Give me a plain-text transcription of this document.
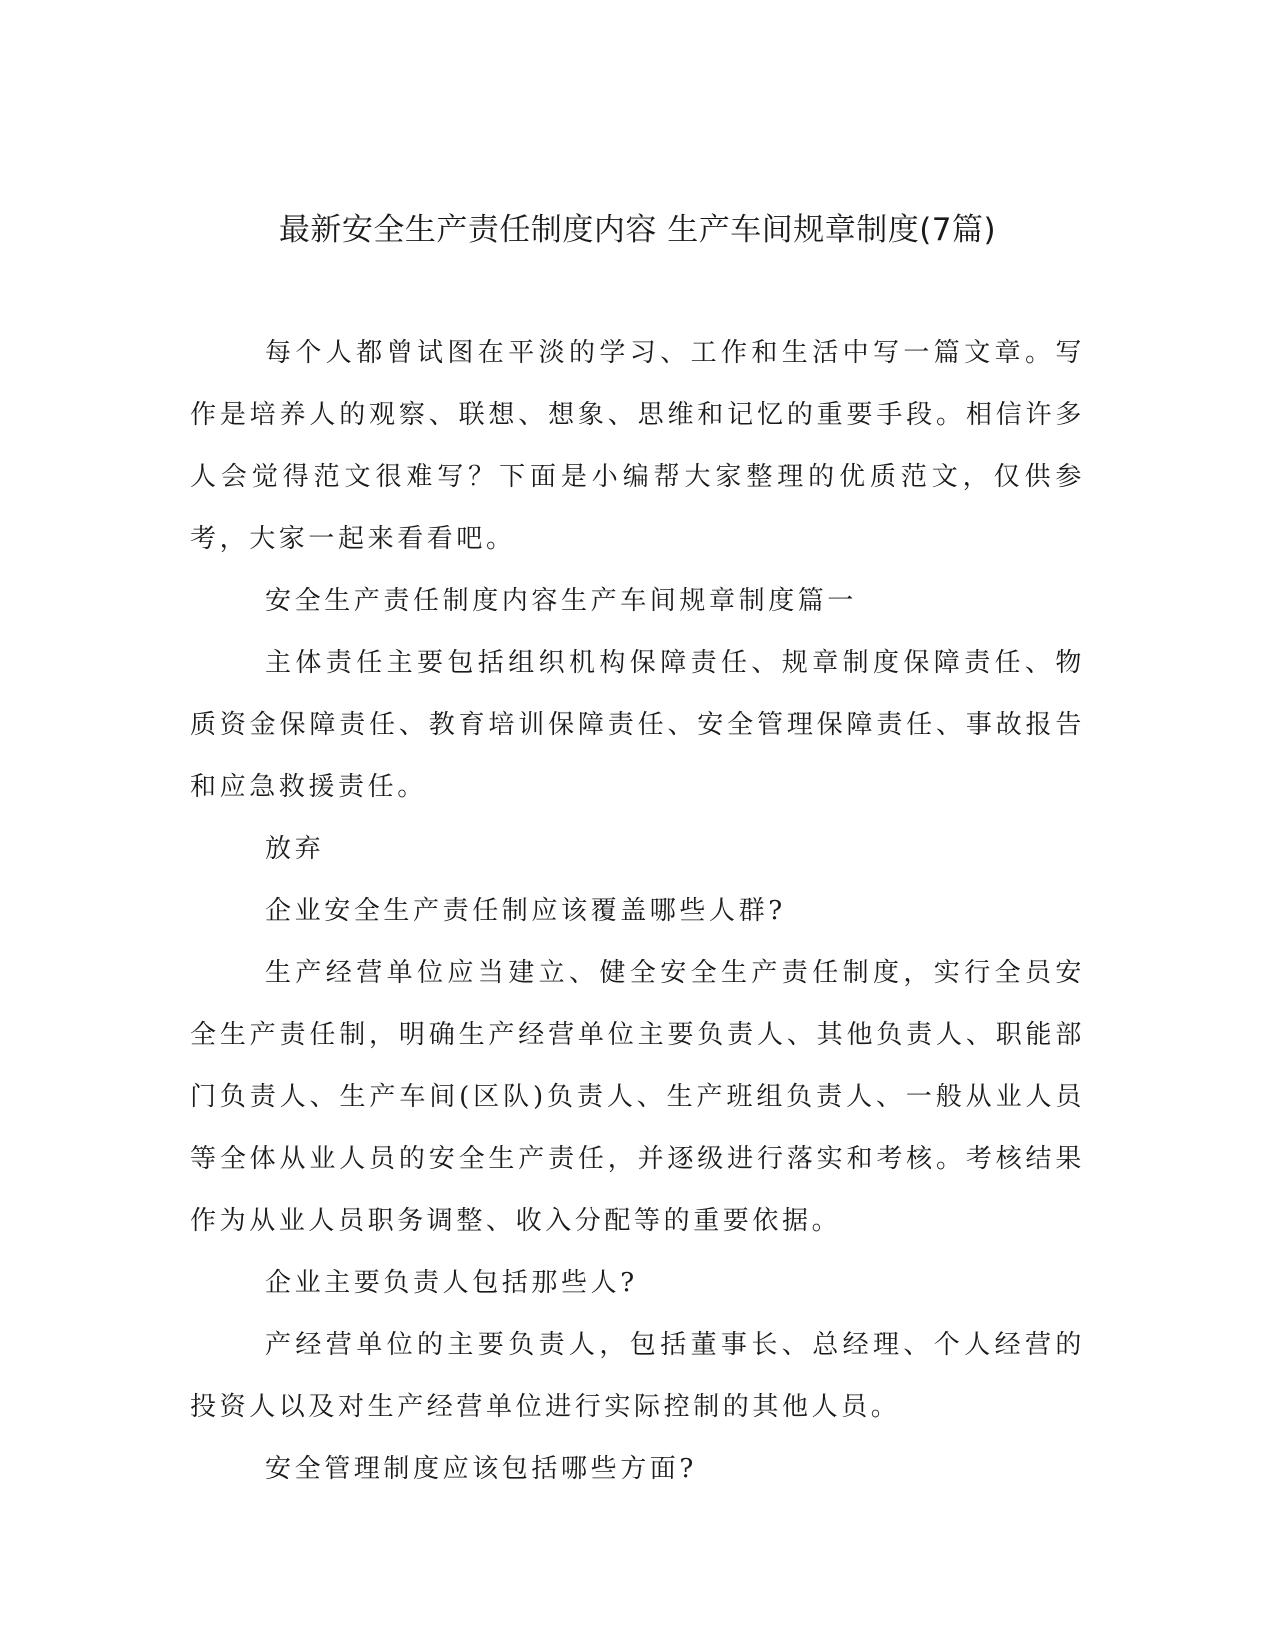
最新安全生产责任制度内容 生产车间规章制度(7篇)

每个人都曾试图在平淡的学习、工作和生活中写一篇文章。写作是培养人的观察、联想、想象、思维和记忆的重要手段。相信许多人会觉得范文很难写？下面是小编帮大家整理的优质范文，仅供参考，大家一起来看看吧。

安全生产责任制度内容生产车间规章制度篇一

主体责任主要包括组织机构保障责任、规章制度保障责任、物质资金保障责任、教育培训保障责任、安全管理保障责任、事故报告和应急救援责任。

放弃

企业安全生产责任制应该覆盖哪些人群?

生产经营单位应当建立、健全安全生产责任制度，实行全员安全生产责任制，明确生产经营单位主要负责人、其他负责人、职能部门负责人、生产车间(区队)负责人、生产班组负责人、一般从业人员等全体从业人员的安全生产责任，并逐级进行落实和考核。考核结果作为从业人员职务调整、收入分配等的重要依据。

企业主要负责人包括那些人?

产经营单位的主要负责人，包括董事长、总经理、个人经营的投资人以及对生产经营单位进行实际控制的其他人员。

安全管理制度应该包括哪些方面?
